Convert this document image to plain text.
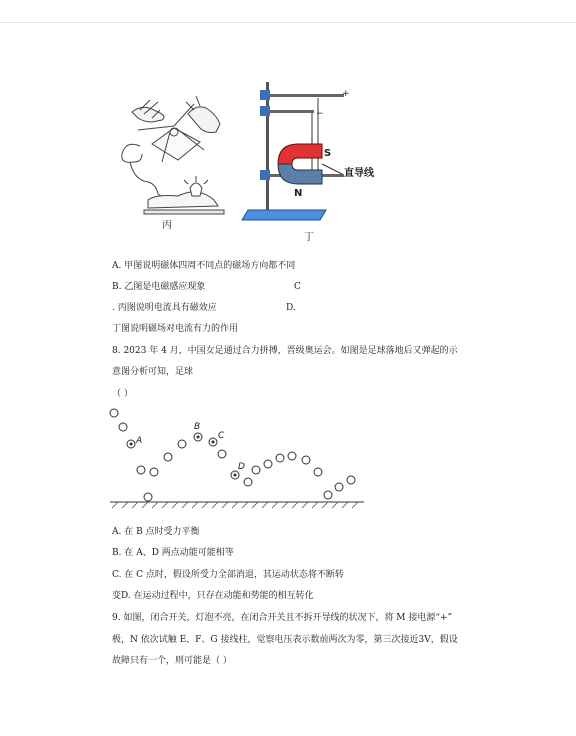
丙
+
−
S
N
直导线
丁
A. 甲图说明磁体四周不同点的磁场方向都不同
B. 乙图是电磁感应现象	C
. 丙图说明电流具有磁效应	D.
丁图说明磁场对电流有力的作用
8. 2023 年 4 月，中国女足通过合力拼搏，晋级奥运会。如图是足球落地后又弹起的示
意图分析可知，足球
（ ）
A
B
C
D
A. 在 B 点时受力平衡
B. 在 A、D 两点动能可能相等
C. 在 C 点时，假设所受力全部消退，其运动状态将不断转
变D. 在运动过程中，只存在动能和势能的相互转化
9. 如图，闭合开关，灯泡不亮，在闭合开关且不拆开导线的状况下，将 M 接电源“+”
极，N 依次试触 E、F、G 接线柱，觉察电压表示数前两次为零，第三次接近3V，假设
故障只有一个，则可能是（ ）
